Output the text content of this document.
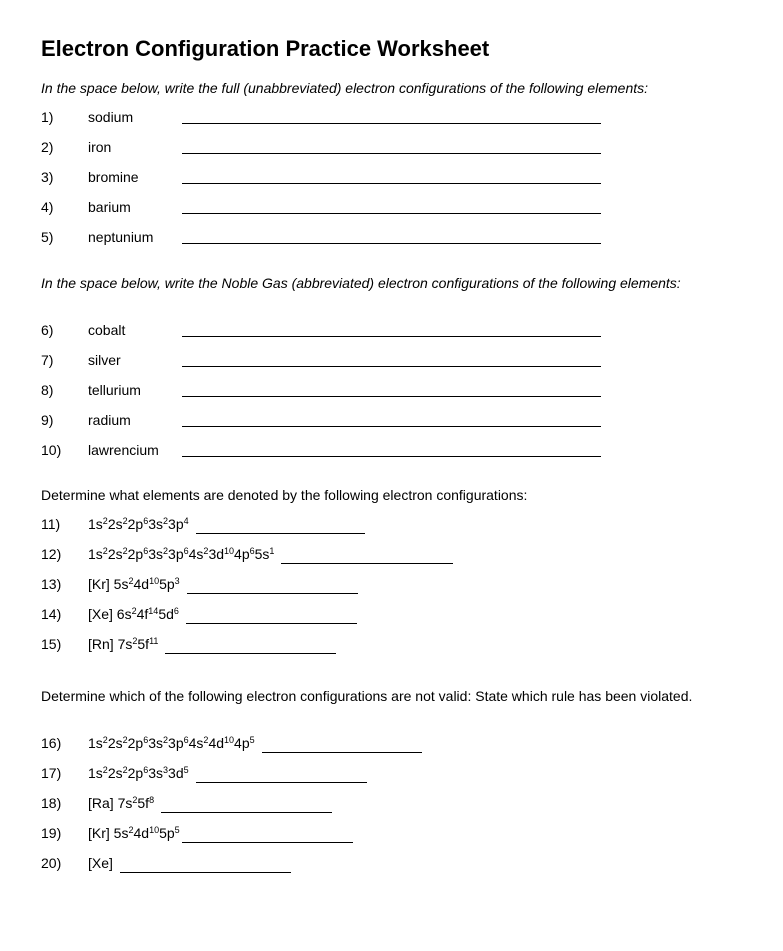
Electron Configuration Practice Worksheet

In the space below, write the full (unabbreviated) electron configurations of the following elements:

1) sodium
2) iron
3) bromine
4) barium
5) neptunium

In the space below, write the Noble Gas (abbreviated) electron configurations of the following elements:

6) cobalt
7) silver
8) tellurium
9) radium
10) lawrencium

Determine what elements are denoted by the following electron configurations:

11) $1s^22s^22p^63s^23p^4$
12) $1s^22s^22p^63s^23p^64s^23d^{10}4p^65s^1$
13) [Kr] $5s^24d^{10}5p^3$
14) [Xe] $6s^24f^{14}5d^6$
15) [Rn] $7s^25f^{11}$

Determine which of the following electron configurations are not valid: State which rule has been violated.

16) $1s^22s^22p^63s^23p^64s^24d^{10}4p^5$
17) $1s^22s^22p^63s^33d^5$
18) [Ra] $7s^25f^8$
19) [Kr] $5s^24d^{10}5p^5$
20) [Xe]
